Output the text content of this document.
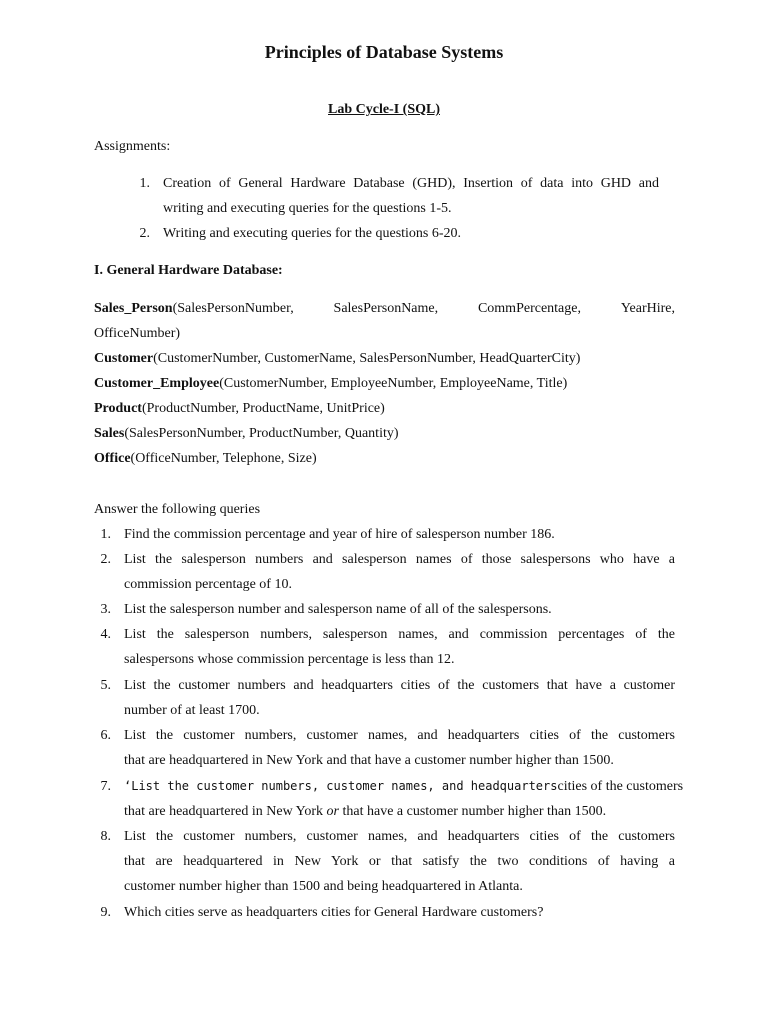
Principles of Database Systems
Lab Cycle-I (SQL)
Assignments:
1. Creation of General Hardware Database (GHD), Insertion of data into GHD and
writing and executing queries for the questions 1-5.
2. Writing and executing queries for the questions 6-20.
I. General Hardware Database:
Sales_Person(SalesPersonNumber,	SalesPersonName,	CommPercentage,	YearHire,
OfficeNumber)
Customer(CustomerNumber, CustomerName, SalesPersonNumber, HeadQuarterCity)
Customer_Employee(CustomerNumber, EmployeeNumber, EmployeeName, Title)
Product(ProductNumber, ProductName, UnitPrice)
Sales(SalesPersonNumber, ProductNumber, Quantity)
Office(OfficeNumber, Telephone, Size)
Answer the following queries
1. Find the commission percentage and year of hire of salesperson number 186.
2. List the salesperson numbers and salesperson names of those salespersons who have a
commission percentage of 10.
3. List the salesperson number and salesperson name of all of the salespersons.
4. List the salesperson numbers, salesperson names, and commission percentages of the
salespersons whose commission percentage is less than 12.
5. List the customer numbers and headquarters cities of the customers that have a customer
number of at least 1700.
6. List the customer numbers, customer names, and headquarters cities of the customers
that are headquartered in New York and that have a customer number higher than 1500.
7. ‘List the customer numbers, customer names, and headquarters cities of the customers
that are headquartered in New York or that have a customer number higher than 1500.
8. List the customer numbers, customer names, and headquarters cities of the customers
that are headquartered in New York or that satisfy the two conditions of having a
customer number higher than 1500 and being headquartered in Atlanta.
9. Which cities serve as headquarters cities for General Hardware customers?
